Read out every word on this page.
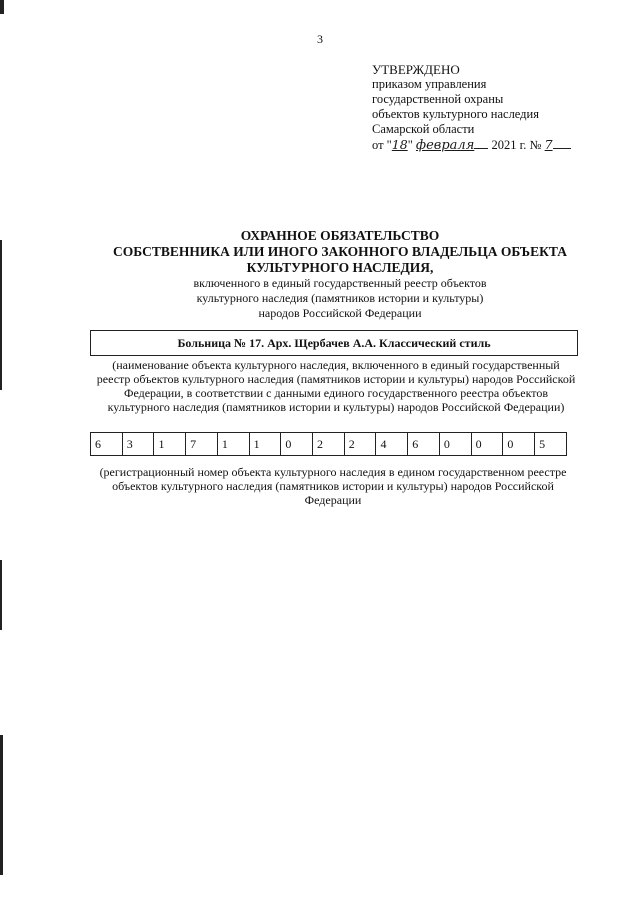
3
УТВЕРЖДЕНО
приказом управления
государственной охраны
объектов культурного наследия
Самарской области
от "18" февраля 2021 г. № 7
ОХРАННОЕ ОБЯЗАТЕЛЬСТВО
СОБСТВЕННИКА ИЛИ ИНОГО ЗАКОННОГО ВЛАДЕЛЬЦА ОБЪЕКТА
КУЛЬТУРНОГО НАСЛЕДИЯ,
включенного в единый государственный реестр объектов
культурного наследия (памятников истории и культуры)
народов Российской Федерации
Больница № 17. Арх. Щербачев А.А. Классический стиль
(наименование объекта культурного наследия, включенного в единый государственный
реестр объектов культурного наследия (памятников истории и культуры) народов Российской
Федерации, в соответствии с данными единого государственного реестра объектов
культурного наследия (памятников истории и культуры) народов Российской Федерации)
6	3	1	7	1	1	0	2	2	4	6	0	0	0	5
(регистрационный номер объекта культурного наследия в едином государственном реестре
объектов культурного наследия (памятников истории и культуры) народов Российской
Федерации
